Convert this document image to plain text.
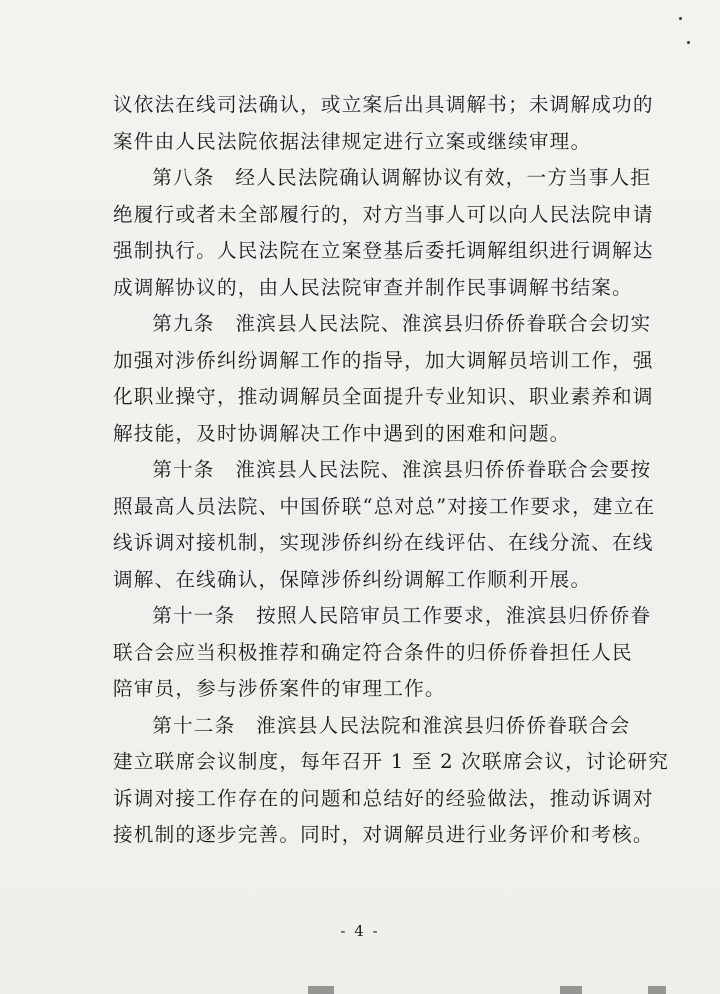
议依法在线司法确认，或立案后出具调解书；未调解成功的
案件由人民法院依据法律规定进行立案或继续审理。

第八条　经人民法院确认调解协议有效，一方当事人拒
绝履行或者未全部履行的，对方当事人可以向人民法院申请
强制执行。人民法院在立案登基后委托调解组织进行调解达
成调解协议的，由人民法院审查并制作民事调解书结案。

第九条　淮滨县人民法院、淮滨县归侨侨眷联合会切实
加强对涉侨纠纷调解工作的指导，加大调解员培训工作，强
化职业操守，推动调解员全面提升专业知识、职业素养和调
解技能，及时协调解决工作中遇到的困难和问题。

第十条　淮滨县人民法院、淮滨县归侨侨眷联合会要按
照最高人员法院、中国侨联“总对总”对接工作要求，建立在
线诉调对接机制，实现涉侨纠纷在线评估、在线分流、在线
调解、在线确认，保障涉侨纠纷调解工作顺利开展。

第十一条　按照人民陪审员工作要求，淮滨县归侨侨眷
联合会应当积极推荐和确定符合条件的归侨侨眷担任人民
陪审员，参与涉侨案件的审理工作。

第十二条　淮滨县人民法院和淮滨县归侨侨眷联合会
建立联席会议制度，每年召开 1 至 2 次联席会议，讨论研究
诉调对接工作存在的问题和总结好的经验做法，推动诉调对
接机制的逐步完善。同时，对调解员进行业务评价和考核。

- 4 -
